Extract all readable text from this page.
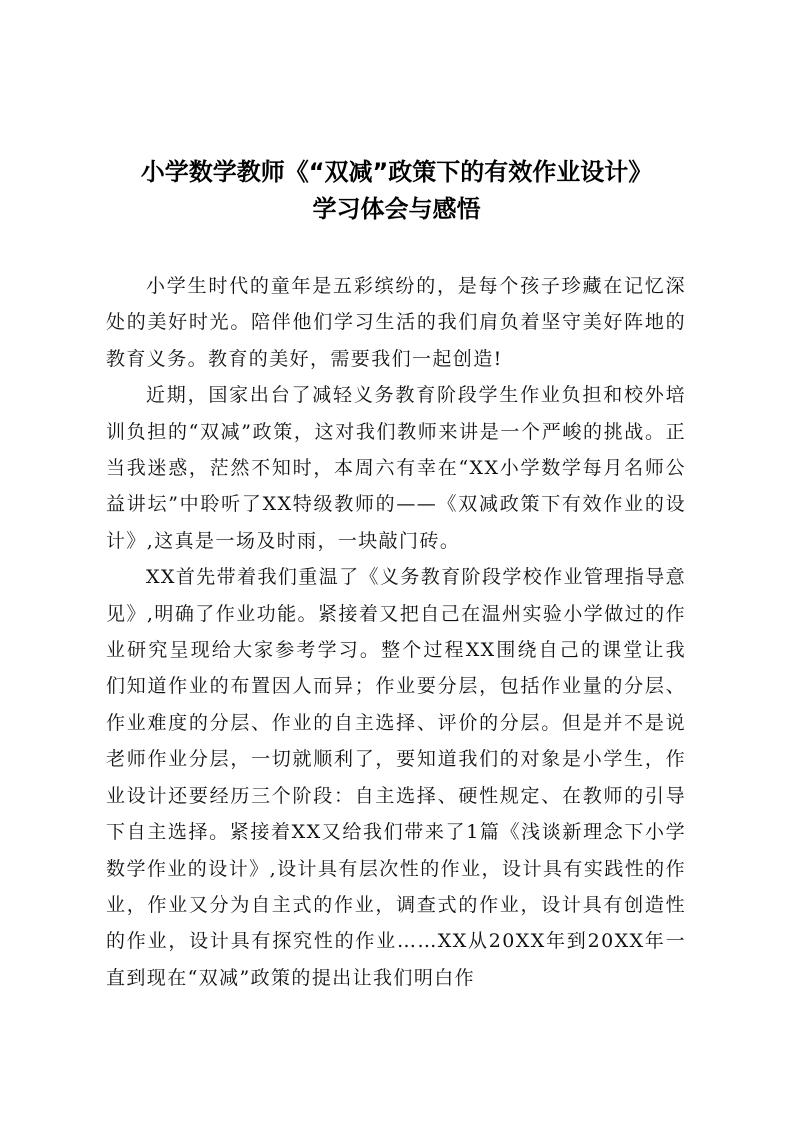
小学数学教师《“双减”政策下的有效作业设计》
学习体会与感悟

小学生时代的童年是五彩缤纷的，是每个孩子珍藏在记忆深处的美好时光。陪伴他们学习生活的我们肩负着坚守美好阵地的教育义务。教育的美好，需要我们一起创造!

近期，国家出台了减轻义务教育阶段学生作业负担和校外培训负担的“双减”政策，这对我们教师来讲是一个严峻的挑战。正当我迷惑，茫然不知时，本周六有幸在“XX小学数学每月名师公益讲坛”中聆听了XX特级教师的——《双减政策下有效作业的设计》,这真是一场及时雨，一块敲门砖。

XX首先带着我们重温了《义务教育阶段学校作业管理指导意见》,明确了作业功能。紧接着又把自己在温州实验小学做过的作业研究呈现给大家参考学习。整个过程XX围绕自己的课堂让我们知道作业的布置因人而异；作业要分层，包括作业量的分层、作业难度的分层、作业的自主选择、评价的分层。但是并不是说老师作业分层，一切就顺利了，要知道我们的对象是小学生，作业设计还要经历三个阶段：自主选择、硬性规定、在教师的引导下自主选择。紧接着XX又给我们带来了1篇《浅谈新理念下小学数学作业的设计》,设计具有层次性的作业，设计具有实践性的作业，作业又分为自主式的作业，调查式的作业，设计具有创造性的作业，设计具有探究性的作业……XX从20XX年到20XX年一直到现在“双减”政策的提出让我们明白作
